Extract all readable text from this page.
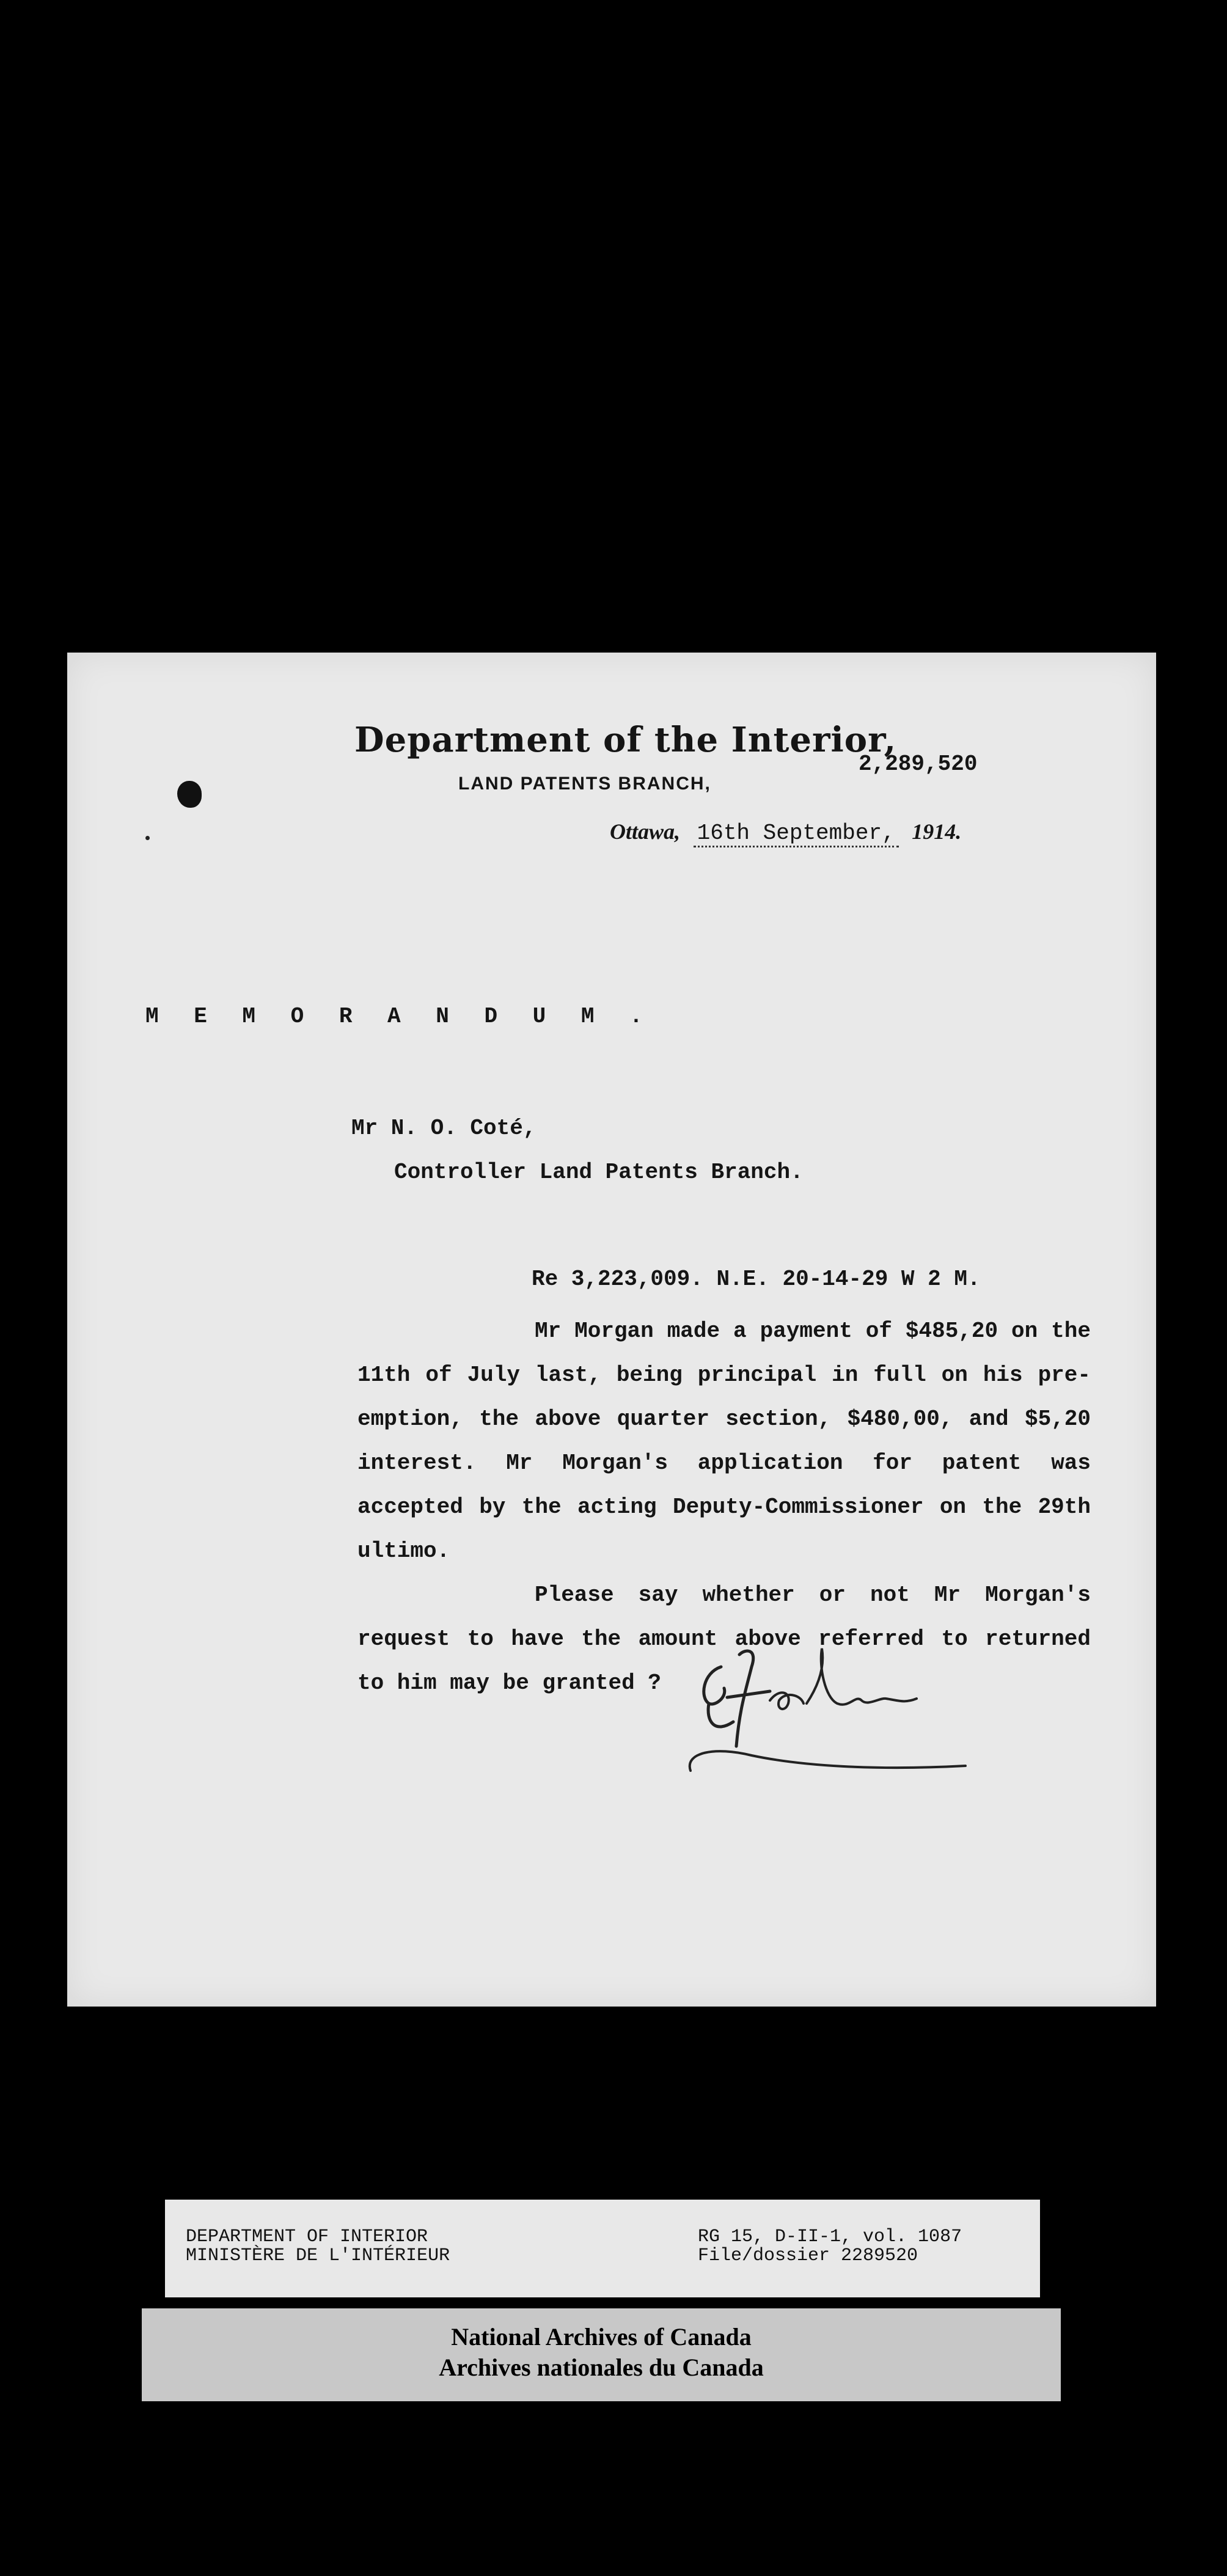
Department of the Interior,
LAND PATENTS BRANCH,
2,289,520
Ottawa, 16th September, 1914.
M E M O R A N D U M .
Mr N. O. Coté,
Controller Land Patents Branch.
Re 3,223,009. N.E. 20-14-29 W 2 M.

Mr Morgan made a payment of $485,20 on the 11th of July last, being principal in full on his pre-emption, the above quarter section, $480,00, and $5,20 interest. Mr Morgan's application for patent was accepted by the acting Deputy-Commissioner on the 29th ultimo.

Please say whether or not Mr Morgan's request to have the amount above referred to returned to him may be granted ?

DEPARTMENT OF INTERIOR
MINISTÈRE DE L'INTÉRIEUR
RG 15, D-II-1, vol. 1087
File/dossier 2289520
National Archives of Canada
Archives nationales du Canada
